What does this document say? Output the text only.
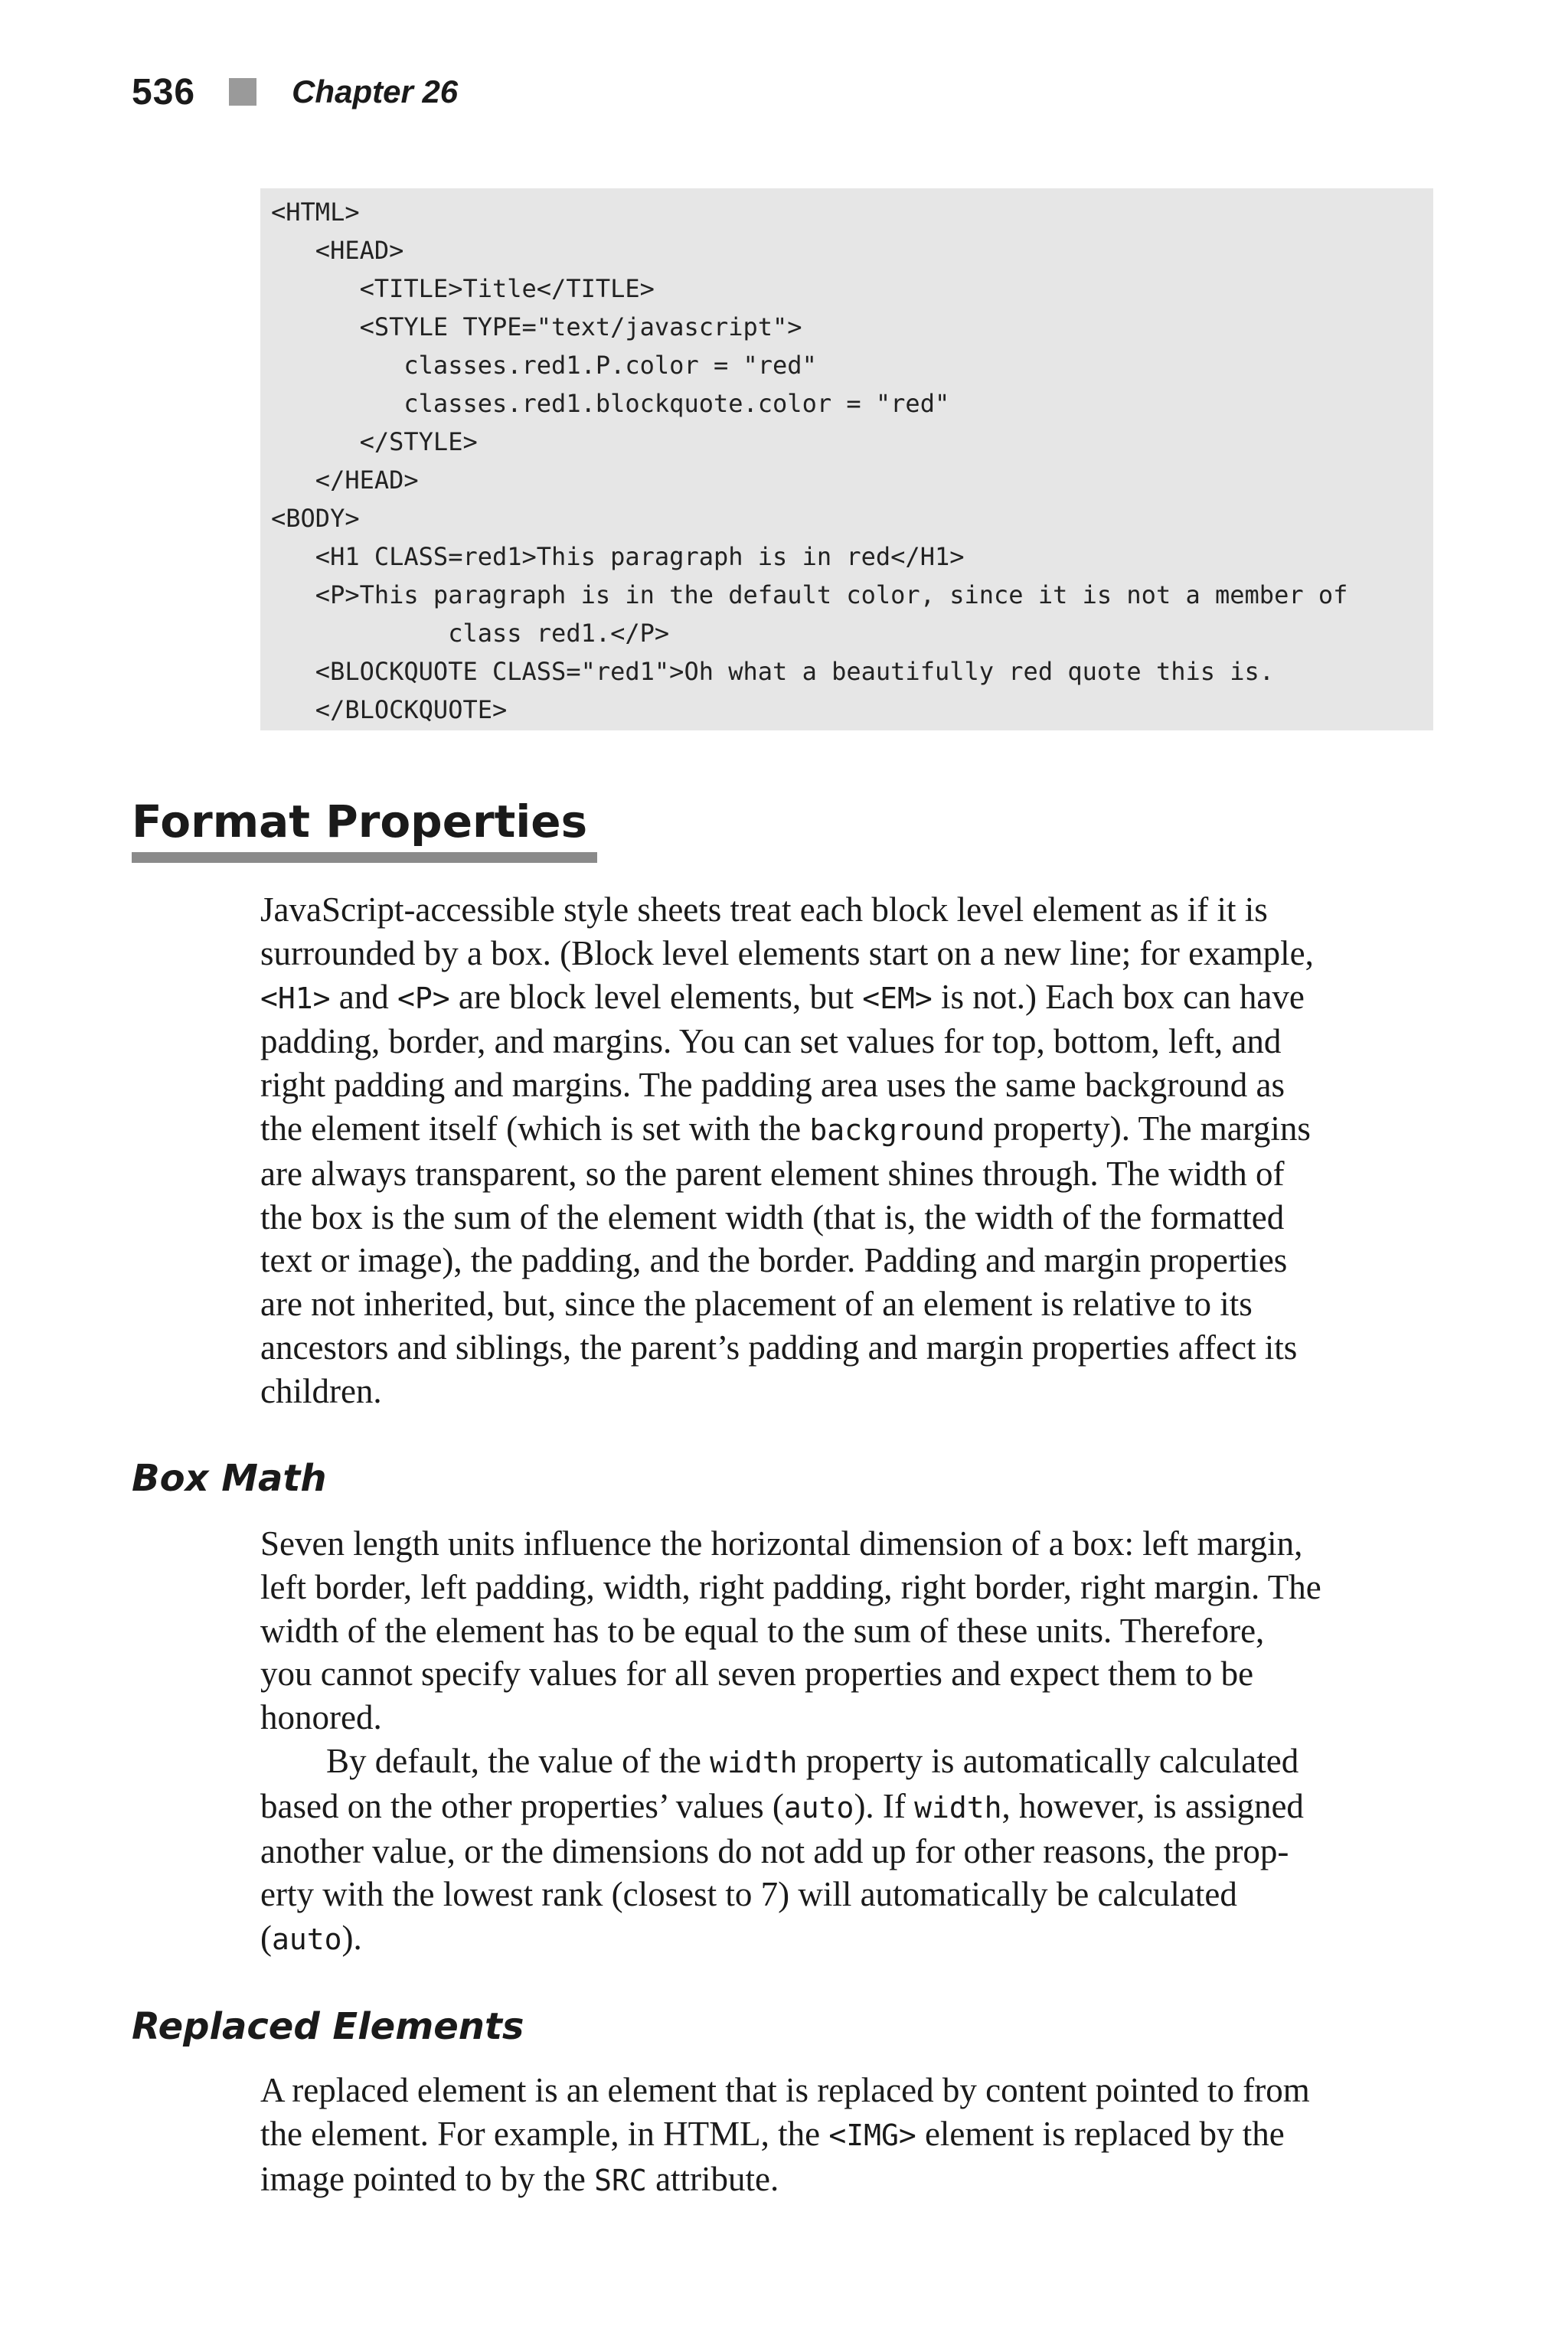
536	Chapter 26
<HTML>
<HEAD>
<TITLE>Title</TITLE>
<STYLE TYPE="text/javascript">
classes.red1.P.color = "red"
classes.red1.blockquote.color = "red"
</STYLE>
</HEAD>
<BODY>
<H1 CLASS=red1>This paragraph is in red</H1>
<P>This paragraph is in the default color, since it is not a member of
class red1.</P>
<BLOCKQUOTE CLASS="red1">Oh what a beautifully red quote this is.
</BLOCKQUOTE>
Format Properties
JavaScript-accessible style sheets treat each block level element as if it is
surrounded by a box. (Block level elements start on a new line; for example,
<H1> and <P> are block level elements, but <EM> is not.) Each box can have
padding, border, and margins. You can set values for top, bottom, left, and
right padding and margins. The padding area uses the same background as
the element itself (which is set with the background property). The margins
are always transparent, so the parent element shines through. The width of
the box is the sum of the element width (that is, the width of the formatted
text or image), the padding, and the border. Padding and margin properties
are not inherited, but, since the placement of an element is relative to its
ancestors and siblings, the parent’s padding and margin properties affect its
children.
Box Math
Seven length units influence the horizontal dimension of a box: left margin,
left border, left padding, width, right padding, right border, right margin. The
width of the element has to be equal to the sum of these units. Therefore,
you cannot specify values for all seven properties and expect them to be
honored.
By default, the value of the width property is automatically calculated
based on the other properties’ values (auto). If width, however, is assigned
another value, or the dimensions do not add up for other reasons, the prop-
erty with the lowest rank (closest to 7) will automatically be calculated
(auto).
Replaced Elements
A replaced element is an element that is replaced by content pointed to from
the element. For example, in HTML, the <IMG> element is replaced by the
image pointed to by the SRC attribute.
